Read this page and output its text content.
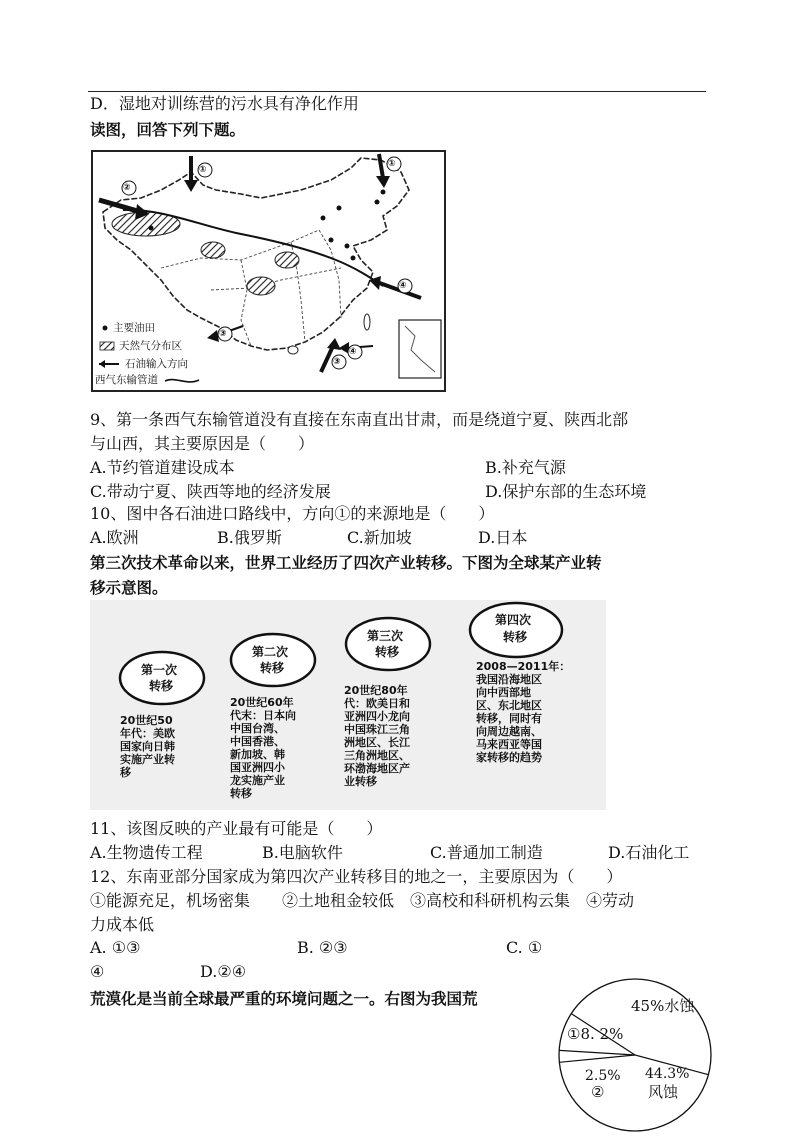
D．湿地对训练营的污水具有净化作用
读图，回答下列下题。
①
②
③
④
①
③
④
主要油田
天然气分布区
石油输入方向
西气东输管道
9、第一条西气东输管道没有直接在东南直出甘肃，而是绕道宁夏、陕西北部
与山西，其主要原因是（　　）
A.节约管道建设成本	B.补充气源
C.带动宁夏、陕西等地的经济发展	D.保护东部的生态环境
10、图中各石油进口路线中，方向①的来源地是（　　）
A.欧洲	B.俄罗斯	C.新加坡	D.日本
第三次技术革命以来，世界工业经历了四次产业转移。下图为全球某产业转
移示意图。
第一次
转移
20世纪50
年代：美欧
国家向日韩
实施产业转
移
第二次
转移
20世纪60年
代末：日本向
中国台湾、
中国香港、
新加坡、韩
国亚洲四小
龙实施产业
转移
第三次
转移
20世纪80年
代：欧美日和
亚洲四小龙向
中国珠江三角
洲地区、长江
三角洲地区、
环渤海地区产
业转移
第四次
转移
2008—2011年：
我国沿海地区
向中西部地
区、东北地区
转移，同时有
向周边越南、
马来西亚等国
家转移的趋势
11、该图反映的产业最有可能是（　　）
A.生物遗传工程	B.电脑软件	C.普通加工制造	D.石油化工
12、东南亚部分国家成为第四次产业转移目的地之一，主要原因为（　　）
①能源充足，机场密集　　②土地租金较低　③高校和科研机构云集　④劳动
力成本低
A. ①③	B. ②③	C. ①
④	D.②④
荒漠化是当前全球最严重的环境问题之一。右图为我国荒	45%水蚀
①8. 2%
44.3%
风蚀
2.5%
②
